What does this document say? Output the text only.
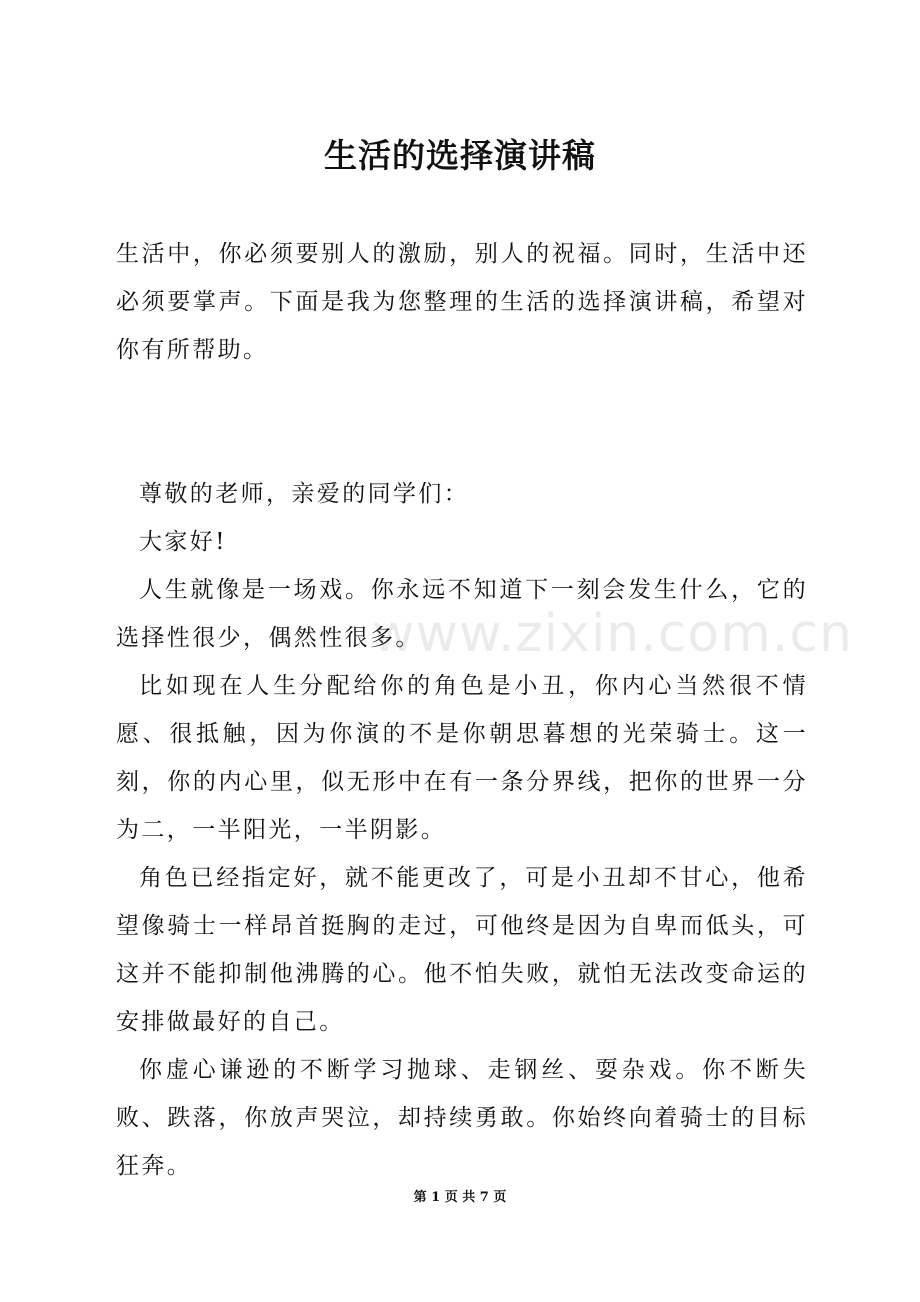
生活的选择演讲稿

生活中，你必须要别人的激励，别人的祝福。同时，生活中还必须要掌声。下面是我为您整理的生活的选择演讲稿，希望对你有所帮助。

尊敬的老师，亲爱的同学们：

大家好!

人生就像是一场戏。你永远不知道下一刻会发生什么，它的选择性很少，偶然性很多。

比如现在人生分配给你的角色是小丑，你内心当然很不情愿、很抵触，因为你演的不是你朝思暮想的光荣骑士。这一刻，你的内心里，似无形中在有一条分界线，把你的世界一分为二，一半阳光，一半阴影。

角色已经指定好，就不能更改了，可是小丑却不甘心，他希望像骑士一样昂首挺胸的走过，可他终是因为自卑而低头，可这并不能抑制他沸腾的心。他不怕失败，就怕无法改变命运的安排做最好的自己。

你虚心谦逊的不断学习抛球、走钢丝、耍杂戏。你不断失败、跌落，你放声哭泣，却持续勇敢。你始终向着骑士的目标狂奔。

www.zixin.com.cn
第 1 页 共 7 页
